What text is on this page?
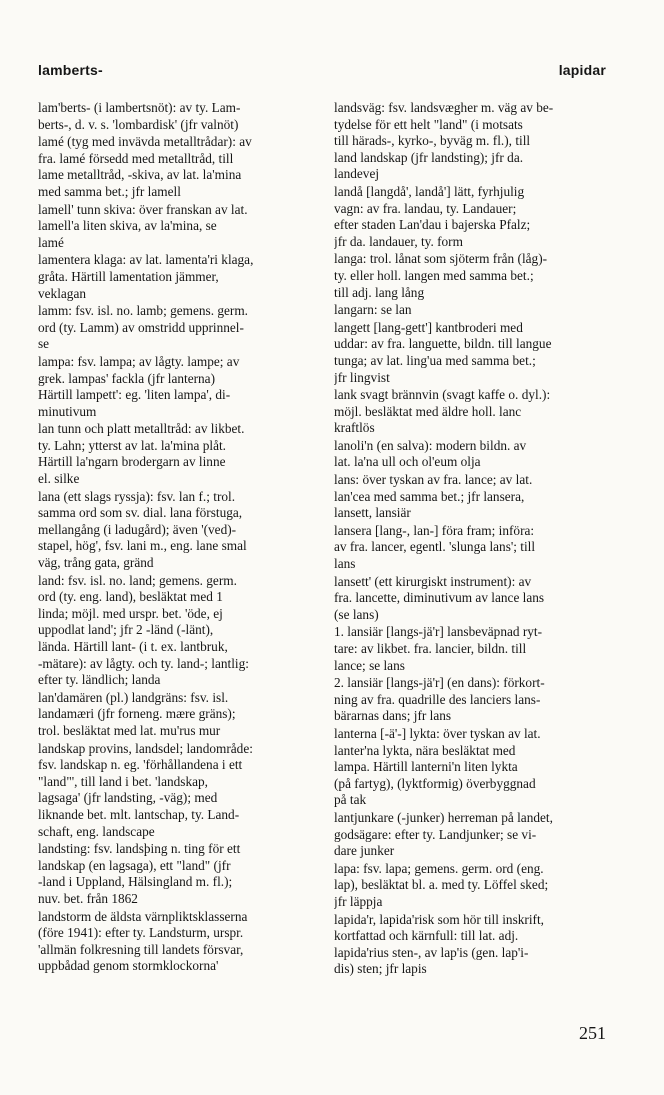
lamberts-	lapidar
lam'berts- (i lambertsnöt): av ty. Lam-
berts-, d. v. s. 'lombardisk' (jfr valnöt)
lamé (tyg med invävda metalltrådar): av
fra. lamé försedd med metalltråd, till
lame metalltråd, -skiva, av lat. la'mina
med samma bet.; jfr lamell
lamell' tunn skiva: över franskan av lat.
lamell'a liten skiva, av la'mina, se
lamé
lamentera klaga: av lat. lamenta'ri klaga,
gråta. Härtill lamentation jämmer,
veklagan
lamm: fsv. isl. no. lamb; gemens. germ.
ord (ty. Lamm) av omstridd upprinnel-
se
lampa: fsv. lampa; av lågty. lampe; av
grek. lampas' fackla (jfr lanterna)
Härtill lampett': eg. 'liten lampa', di-
minutivum
lan tunn och platt metalltråd: av likbet.
ty. Lahn; ytterst av lat. la'mina plåt.
Härtill la'ngarn brodergarn av linne
el. silke
lana (ett slags ryssja): fsv. lan f.; trol.
samma ord som sv. dial. lana förstuga,
mellangång (i ladugård); även '(ved)-
stapel, hög', fsv. lani m., eng. lane smal
väg, trång gata, gränd
land: fsv. isl. no. land; gemens. germ.
ord (ty. eng. land), besläktat med 1
linda; möjl. med urspr. bet. 'öde, ej
uppodlat land'; jfr 2 -länd (-länt),
lända. Härtill lant- (i t. ex. lantbruk,
-mätare): av lågty. och ty. land-; lantlig:
efter ty. ländlich; landa
lan'damären (pl.) landgräns: fsv. isl.
landamæri (jfr forneng. mære gräns);
trol. besläktat med lat. mu'rus mur
landskap provins, landsdel; landområde:
fsv. landskap n. eg. 'förhållandena i ett
"land"', till land i bet. 'landskap,
lagsaga' (jfr landsting, -väg); med
liknande bet. mlt. lantschap, ty. Land-
schaft, eng. landscape
landsting: fsv. landsþing n. ting för ett
landskap (en lagsaga), ett "land" (jfr
-land i Uppland, Hälsingland m. fl.);
nuv. bet. från 1862
landstorm de äldsta värnpliktsklasserna
(före 1941): efter ty. Landsturm, urspr.
'allmän folkresning till landets försvar,
uppbådad genom stormklockorna'
landsväg: fsv. landsvægher m. väg av be-
tydelse för ett helt "land" (i motsats
till härads-, kyrko-, byväg m. fl.), till
land landskap (jfr landsting); jfr da.
landevej
landå [langdå', landå'] lätt, fyrhjulig
vagn: av fra. landau, ty. Landauer;
efter staden Lan'dau i bajerska Pfalz;
jfr da. landauer, ty. form
langa: trol. lånat som sjöterm från (låg)-
ty. eller holl. langen med samma bet.;
till adj. lang lång
langarn: se lan
langett [lang-gett'] kantbroderi med
uddar: av fra. languette, bildn. till langue
tunga; av lat. ling'ua med samma bet.;
jfr lingvist
lank svagt brännvin (svagt kaffe o. dyl.):
möjl. besläktat med äldre holl. lanc
kraftlös
lanoli'n (en salva): modern bildn. av
lat. la'na ull och ol'eum olja
lans: över tyskan av fra. lance; av lat.
lan'cea med samma bet.; jfr lansera,
lansett, lansiär
lansera [lang-, lan-] föra fram; införa:
av fra. lancer, egentl. 'slunga lans'; till
lans
lansett' (ett kirurgiskt instrument): av
fra. lancette, diminutivum av lance lans
(se lans)
1. lansiär [langs-jä'r] lansbeväpnad ryt-
tare: av likbet. fra. lancier, bildn. till
lance; se lans
2. lansiär [langs-jä'r] (en dans): förkort-
ning av fra. quadrille des lanciers lans-
bärarnas dans; jfr lans
lanterna [-ä'-] lykta: över tyskan av lat.
lanter'na lykta, nära besläktat med
lampa. Härtill lanterni'n liten lykta
(på fartyg), (lyktformig) överbyggnad
på tak
lantjunkare (-junker) herreman på landet,
godsägare: efter ty. Landjunker; se vi-
dare junker
lapa: fsv. lapa; gemens. germ. ord (eng.
lap), besläktat bl. a. med ty. Löffel sked;
jfr läppja
lapida'r, lapida'risk som hör till inskrift,
kortfattad och kärnfull: till lat. adj.
lapida'rius sten-, av lap'is (gen. lap'i-
dis) sten; jfr lapis
251
